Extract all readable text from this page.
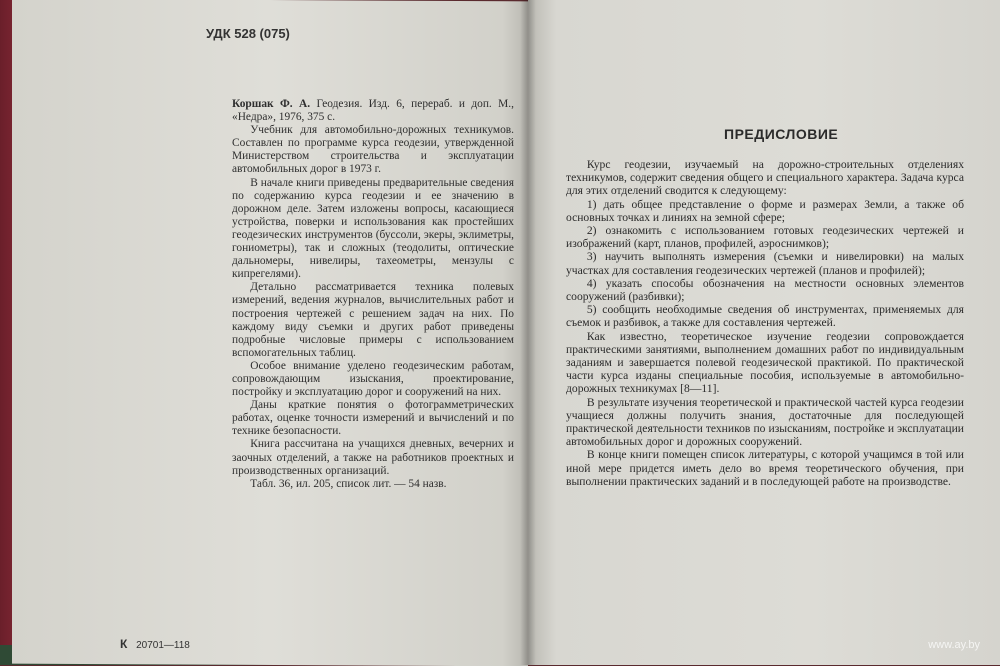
УДК 528 (075)

Коршак Ф. А. Геодезия. Изд. 6, перераб. и доп. М., «Недра», 1976, 375 с.

Учебник для автомобильно-дорожных техникумов. Составлен по программе курса геодезии, утвержденной Министерством строительства и эксплуатации автомобильных дорог в 1973 г.

В начале книги приведены предварительные сведения по содержанию курса геодезии и ее значению в дорожном деле. Затем изложены вопросы, касающиеся устройства, поверки и использования как простейших геодезических инструментов (буссоли, экеры, эклиметры, гониометры), так и сложных (теодолиты, оптические дальномеры, нивелиры, тахеометры, мензулы с кипрегелями).

Детально рассматривается техника полевых измерений, ведения журналов, вычислительных работ и построения чертежей с решением задач на них. По каждому виду съемки и других работ приведены подробные числовые примеры с использованием вспомогательных таблиц.

Особое внимание уделено геодезическим работам, сопровождающим изыскания, проектирование, постройку и эксплуатацию дорог и сооружений на них.

Даны краткие понятия о фотограмметрических работах, оценке точности измерений и вычислений и по технике безопасности.

Книга рассчитана на учащихся дневных, вечерних и заочных отделений, а также на работников проектных и производственных организаций.

Табл. 36, ил. 205, список лит. — 54 назв.

К 20701—118
ПРЕДИСЛОВИЕ

Курс геодезии, изучаемый на дорожно-строительных отделениях техникумов, содержит сведения общего и специального характера. Задача курса для этих отделений сводится к следующему:

1) дать общее представление о форме и размерах Земли, а также об основных точках и линиях на земной сфере;

2) ознакомить с использованием готовых геодезических чертежей и изображений (карт, планов, профилей, аэроснимков);

3) научить выполнять измерения (съемки и нивелировки) на малых участках для составления геодезических чертежей (планов и профилей);

4) указать способы обозначения на местности основных элементов сооружений (разбивки);

5) сообщить необходимые сведения об инструментах, применяемых для съемок и разбивок, а также для составления чертежей.

Как известно, теоретическое изучение геодезии сопровождается практическими занятиями, выполнением домашних работ по индивидуальным заданиям и завершается полевой геодезической практикой. По практической части курса изданы специальные пособия, используемые в автомобильно-дорожных техникумах [8—11].

В результате изучения теоретической и практической частей курса геодезии учащиеся должны получить знания, достаточные для последующей практической деятельности техников по изысканиям, постройке и эксплуатации автомобильных дорог и дорожных сооружений.

В конце книги помещен список литературы, с которой учащимся в той или иной мере придется иметь дело во время теоретического обучения, при выполнении практических заданий и в последующей работе на производстве.

www.ay.by
